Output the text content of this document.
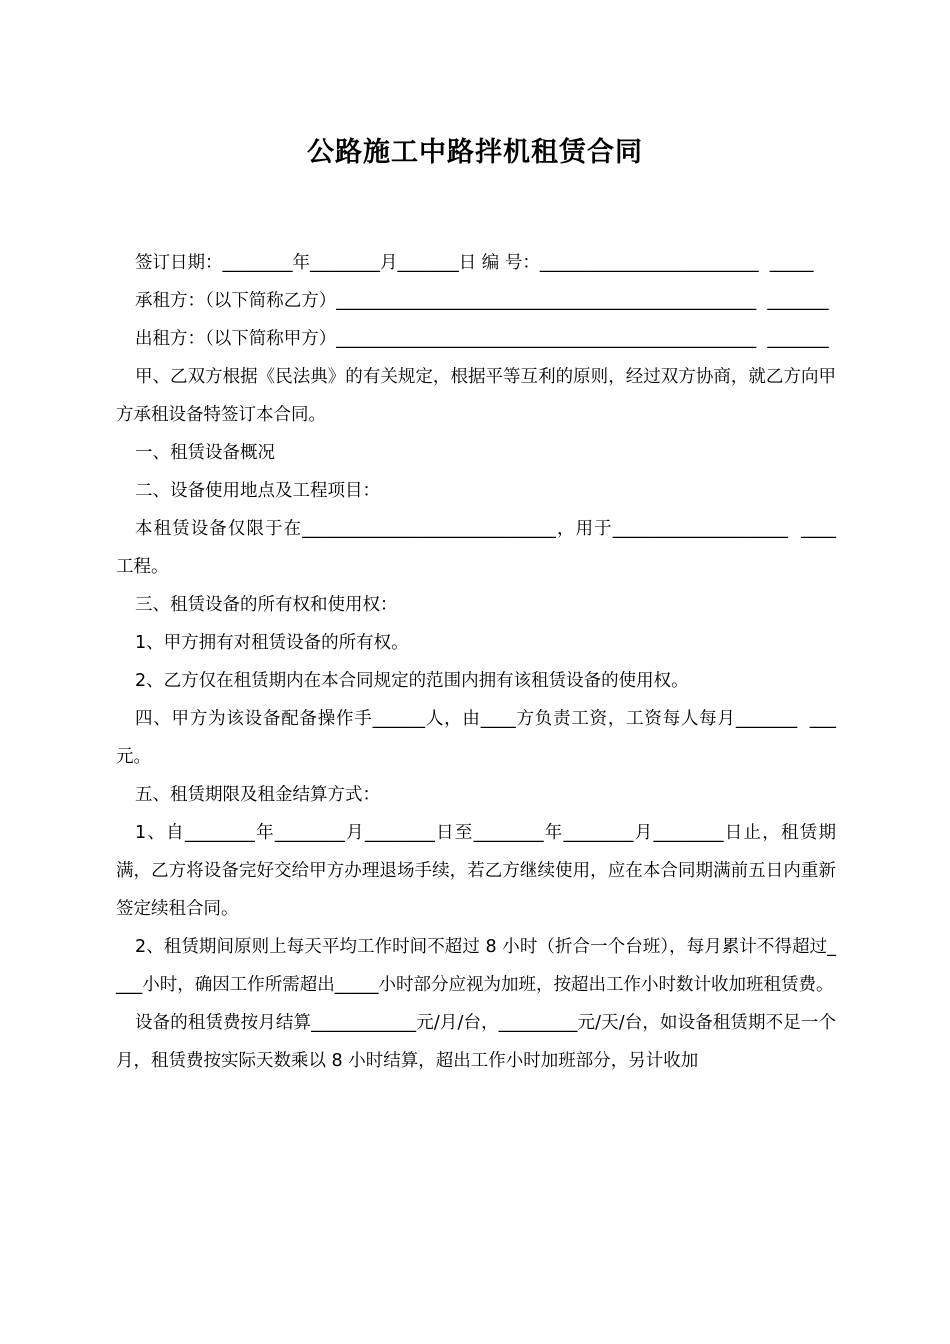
公路施工中路拌机租赁合同

签订日期：________年________月_______日 编 号：_________________________  _____

承租方：（以下简称乙方）________________________________________________  _______

出租方：（以下简称甲方）________________________________________________  _______

甲、乙双方根据《民法典》的有关规定，根据平等互利的原则，经过双方协商，就乙方向甲方承租设备特签订本合同。

一、租赁设备概况

二、设备使用地点及工程项目：

本租赁设备仅限于在_____________________________，用于____________________  ____工程。

三、租赁设备的所有权和使用权：

1、甲方拥有对租赁设备的所有权。

2、乙方仅在租赁期内在本合同规定的范围内拥有该租赁设备的使用权。

四、甲方为该设备配备操作手______人，由____方负责工资，工资每人每月_______  ___元。

五、租赁期限及租金结算方式：

1、自________年________月________日至________年________月________日止，租赁期满，乙方将设备完好交给甲方办理退场手续，若乙方继续使用，应在本合同期满前五日内重新签定续租合同。

2、租赁期间原则上每天平均工作时间不超过 8 小时（折合一个台班），每月累计不得超过____小时，确因工作所需超出_____小时部分应视为加班，按超出工作小时数计收加班租赁费。

设备的租赁费按月结算____________元/月/台，_________元/天/台，如设备租赁期不足一个月，租赁费按实际天数乘以 8 小时结算，超出工作小时加班部分，另计收加
